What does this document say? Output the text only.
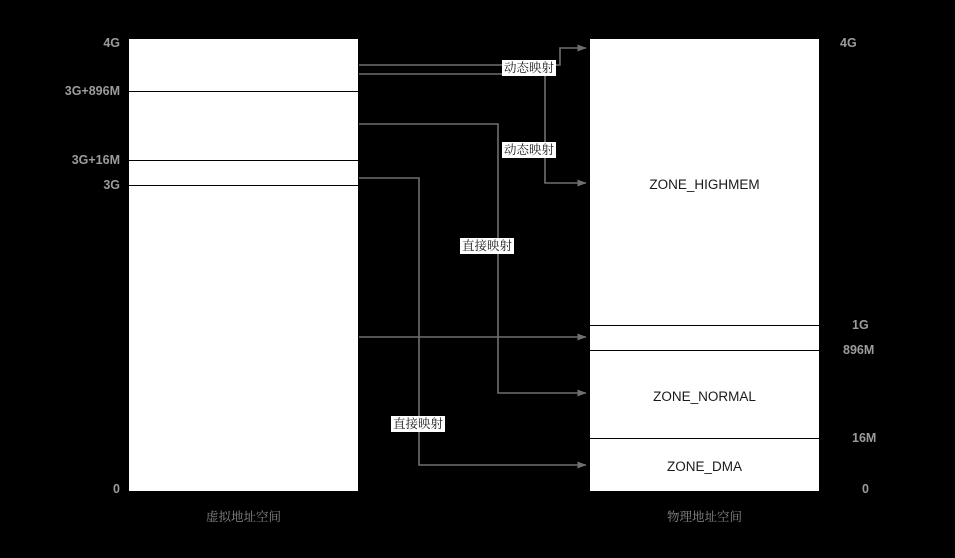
动态映射
动态映射
直接映射
直接映射
4G
3G+896M
3G+16M
3G
0
4G
1G
896M
16M
0
ZONE_HIGHMEM
ZONE_NORMAL
ZONE_DMA
虚拟地址空间	物理地址空间
